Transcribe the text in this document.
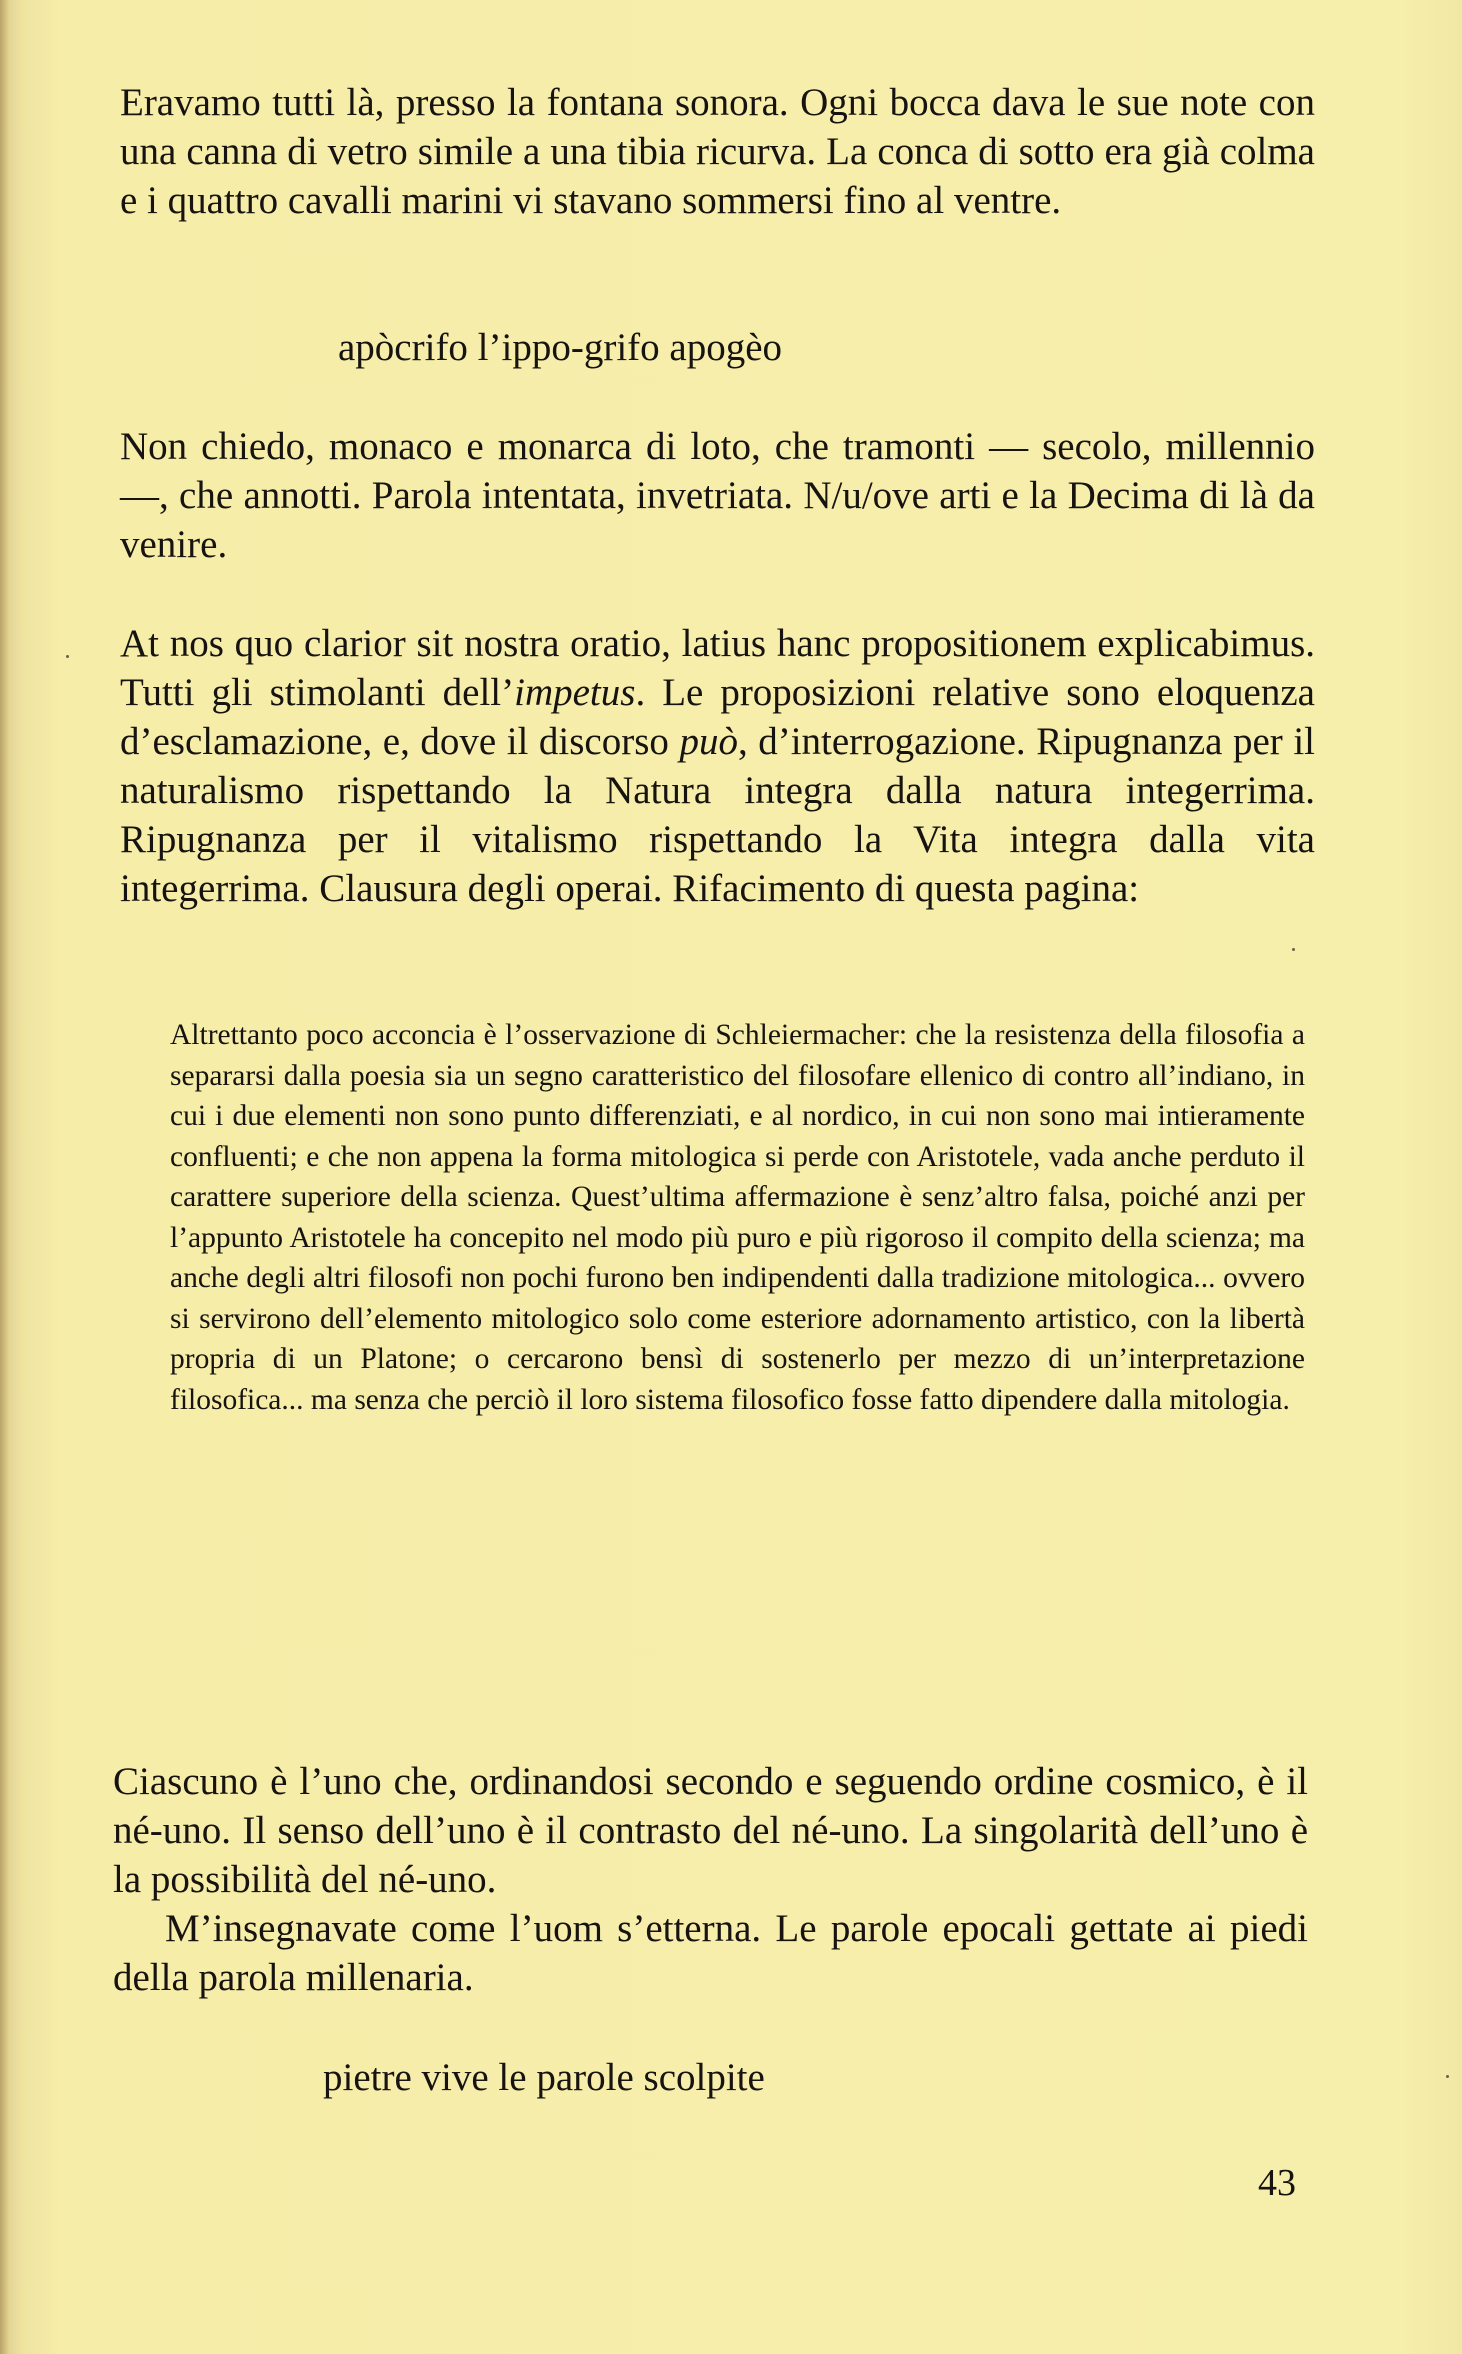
Eravamo tutti là, presso la fontana sonora. Ogni bocca dava le sue note con una canna di vetro simile a una tibia ricurva. La conca di sotto era già colma e i quattro cavalli marini vi stavano sommersi fino al ventre.

apòcrifo l’ippo-grifo apogèo

Non chiedo, monaco e monarca di loto, che tramonti — secolo, millennio —, che annotti. Parola intentata, invetriata. N/u/ove arti e la Decima di là da venire.

At nos quo clarior sit nostra oratio, latius hanc propositionem explicabimus. Tutti gli stimolanti dell’impetus. Le proposizioni relative sono eloquenza d’esclamazione, e, dove il discorso può, d’interrogazione. Ripugnanza per il naturalismo rispettando la Natura integra dalla natura integerrima. Ripugnanza per il vitalismo rispettando la Vita integra dalla vita integerrima. Clausura degli operai. Rifacimento di questa pagina:

Altrettanto poco acconcia è l’osservazione di Schleiermacher: che la resistenza della filosofia a separarsi dalla poesia sia un segno caratteristico del filosofare ellenico di contro all’indiano, in cui i due elementi non sono punto differenziati, e al nordico, in cui non sono mai intieramente confluenti; e che non appena la forma mitologica si perde con Aristotele, vada anche perduto il carattere superiore della scienza. Quest’ultima affermazione è senz’altro falsa, poiché anzi per l’appunto Aristotele ha concepito nel modo più puro e più rigoroso il compito della scienza; ma anche degli altri filosofi non pochi furono ben indipendenti dalla tradizione mitologica... ovvero si servirono dell’elemento mitologico solo come esteriore adornamento artistico, con la libertà propria di un Platone; o cercarono bensì di sostenerlo per mezzo di un’interpretazione filosofica... ma senza che perciò il loro sistema filosofico fosse fatto dipendere dalla mitologia.

Ciascuno è l’uno che, ordinandosi secondo e seguendo ordine cosmico, è il né-uno. Il senso dell’uno è il contrasto del né-uno. La singolarità dell’uno è la possibilità del né-uno.

M’insegnavate come l’uom s’etterna. Le parole epocali gettate ai piedi della parola millenaria.

pietre vive le parole scolpite

43
